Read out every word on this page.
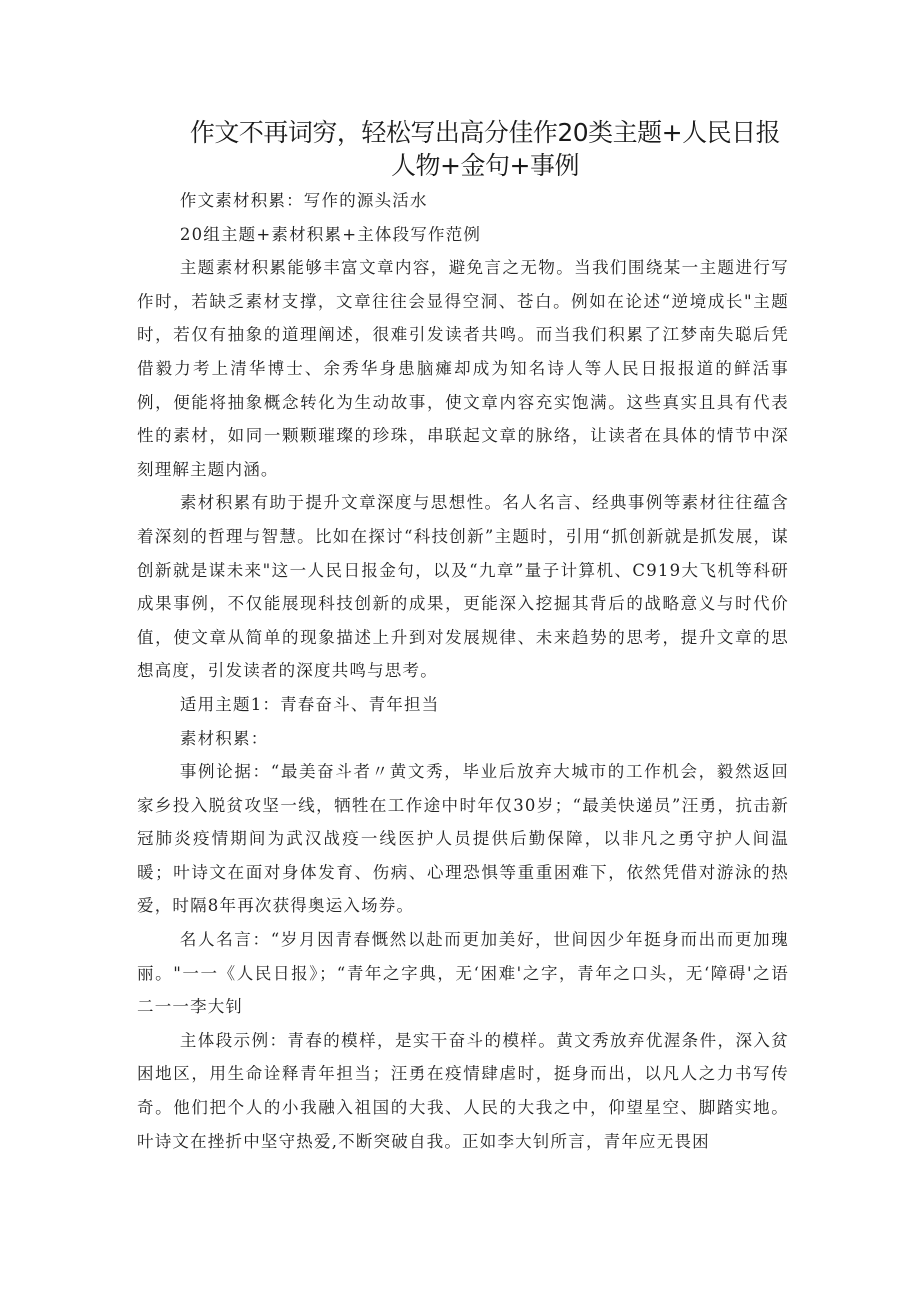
作文不再词穷，轻松写出高分佳作20类主题+人民日报
人物+金句+事例

作文素材积累：写作的源头活水

20组主题+素材积累+主体段写作范例

主题素材积累能够丰富文章内容，避免言之无物。当我们围绕某一主题进行写作时，若缺乏素材支撑，文章往往会显得空洞、苍白。例如在论述“逆境成长"主题时，若仅有抽象的道理阐述，很难引发读者共鸣。而当我们积累了江梦南失聪后凭借毅力考上清华博士、余秀华身患脑瘫却成为知名诗人等人民日报报道的鲜活事例，便能将抽象概念转化为生动故事，使文章内容充实饱满。这些真实且具有代表性的素材，如同一颗颗璀璨的珍珠，串联起文章的脉络，让读者在具体的情节中深刻理解主题内涵。

素材积累有助于提升文章深度与思想性。名人名言、经典事例等素材往往蕴含着深刻的哲理与智慧。比如在探讨“科技创新”主题时，引用“抓创新就是抓发展，谋创新就是谋未来"这一人民日报金句，以及“九章”量子计算机、C919大飞机等科研成果事例，不仅能展现科技创新的成果，更能深入挖掘其背后的战略意义与时代价值，使文章从简单的现象描述上升到对发展规律、未来趋势的思考，提升文章的思想高度，引发读者的深度共鸣与思考。

适用主题1：青春奋斗、青年担当

素材积累：

事例论据：“最美奋斗者〃黄文秀，毕业后放弃大城市的工作机会，毅然返回家乡投入脱贫攻坚一线，牺牲在工作途中时年仅30岁；“最美快递员”汪勇，抗击新冠肺炎疫情期间为武汉战疫一线医护人员提供后勤保障，以非凡之勇守护人间温暖；叶诗文在面对身体发育、伤病、心理恐惧等重重困难下，依然凭借对游泳的热爱，时隔8年再次获得奥运入场券。

名人名言：“岁月因青春慨然以赴而更加美好，世间因少年挺身而出而更加瑰丽。"一一《人民日报》；“青年之字典，无‘困难'之字，青年之口头，无‘障碍'之语二一一李大钊

主体段示例：青春的模样，是实干奋斗的模样。黄文秀放弃优渥条件，深入贫困地区，用生命诠释青年担当；汪勇在疫情肆虐时，挺身而出，以凡人之力书写传奇。他们把个人的小我融入祖国的大我、人民的大我之中，仰望星空、脚踏实地。叶诗文在挫折中坚守热爱,不断突破自我。正如李大钊所言，青年应无畏困
